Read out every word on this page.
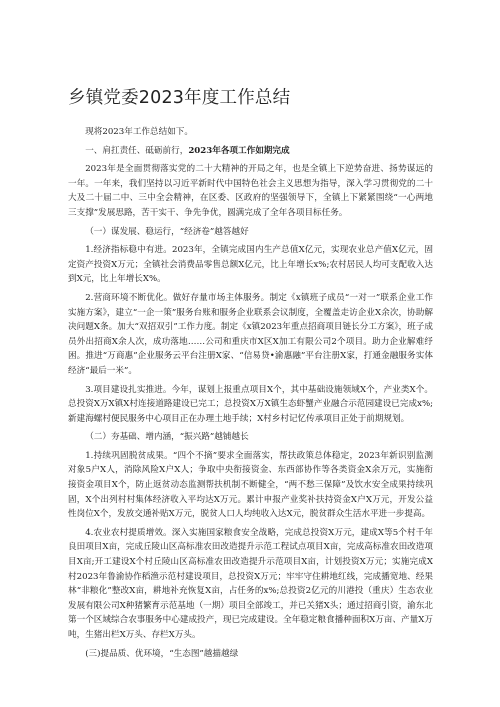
乡镇党委2023年度工作总结

现将2023年工作总结如下。

一、肩扛责任、砥砺前行，2023年各项工作如期完成

2023年是全面贯彻落实党的二十大精神的开局之年，也是全镇上下逆势奋进、扬势谋远的一年。一年来，我们坚持以习近平新时代中国特色社会主义思想为指导，深入学习贯彻党的二十大及二十届二中、三中全会精神，在区委、区政府的坚强领导下，全镇上下紧紧围绕“一心两地三支撑”发展思路，苦干实干、争先争优，圆满完成了全年各项目标任务。

（一）谋发展、稳运行，“经济卷”越答越好

1.经济指标稳中有进。2023年，全镇完成国内生产总值X亿元，实现农业总产值X亿元，固定资产投资X万元；全镇社会消费品零售总额X亿元，比上年增长x%;农村居民人均可支配收入达到X元，比上年增长X%。

2.营商环境不断优化。做好存量市场主体服务。制定《x镇班子成员“一对一”联系企业工作实施方案》，建立“一企一策”服务台账和服务企业联系会议制度，全覆盖走访企业X余次，协助解决问题X条。加大“双招双引”工作力度。制定《x镇2023年重点招商项目链长分工方案》，班子成员外出招商X余人次，成功落地……公司和重庆市X区X加工有限公司2个项目。助力企业解难纾困。推进“万商惠”企业服务云平台注册X家、“信易贷•渝惠融”平台注册X家，打通金融服务实体经济“最后一米”。

3.项目建设扎实推进。今年，谋划上报重点项目X个，其中基础设施领域X个，产业类X个。总投资X万X镇X村连接道路建设已完工；总投资X万X镇生态虾蟹产业融合示范园建设已完成x%;新建海螺村便民服务中心项目正在办理土地手续；X村乡村记忆传承项目正处于前期规划。

（二）夯基础、增内涵，“振兴路”越铺越长

1.持续巩固脱贫成果。“四个不摘”要求全面落实，帮扶政策总体稳定，2023年新识别监测对象5户X人，消除风险X户X人；争取中央衔接资金、东西部协作等各类资金X余万元，实施衔接资金项目X个，防止返贫动态监测帮扶机制不断健全，“两不愁三保障”及饮水安全成果持续巩固，X个出列村村集体经济收入平均达X万元。累计申报产业奖补扶持资金X户X万元，开发公益性岗位X个，发放交通补贴X万元，脱贫人口人均纯收入达X元，脱贫群众生活水平进一步提高。

4.农业农村提质增效。深入实施国家粮食安全战略，完成总投资X万元，建成X等5个村千年良田项目X亩，完成丘陵山区高标准农田改造提升示范工程试点项目X亩，完成高标准农田改造项目X亩;开工建设X个村丘陵山区高标准农田改造提升示范项目X亩，计划投资X万元；实施完成X村2023年鲁渝协作稻渔示范村建设项目，总投资X万元；牢牢守住耕地红线，完成播宽地、经果林“非粮化”整改X亩，耕地补充恢复X亩，占任务的x%;总投资2亿元的川港投（重庆）生态农业发展有限公司X种猪繁育示范基地（一期）项目全部竣工，并已关猪X头；通过招商引资，渝东北第一个区域综合农事服务中心建成投产，现已完成建设。全年稳定粮食播种面积X万亩、产量X万吨，生猪出栏X万头、存栏X万头。

(三)提品质、优环境，“生态图”越描越绿
